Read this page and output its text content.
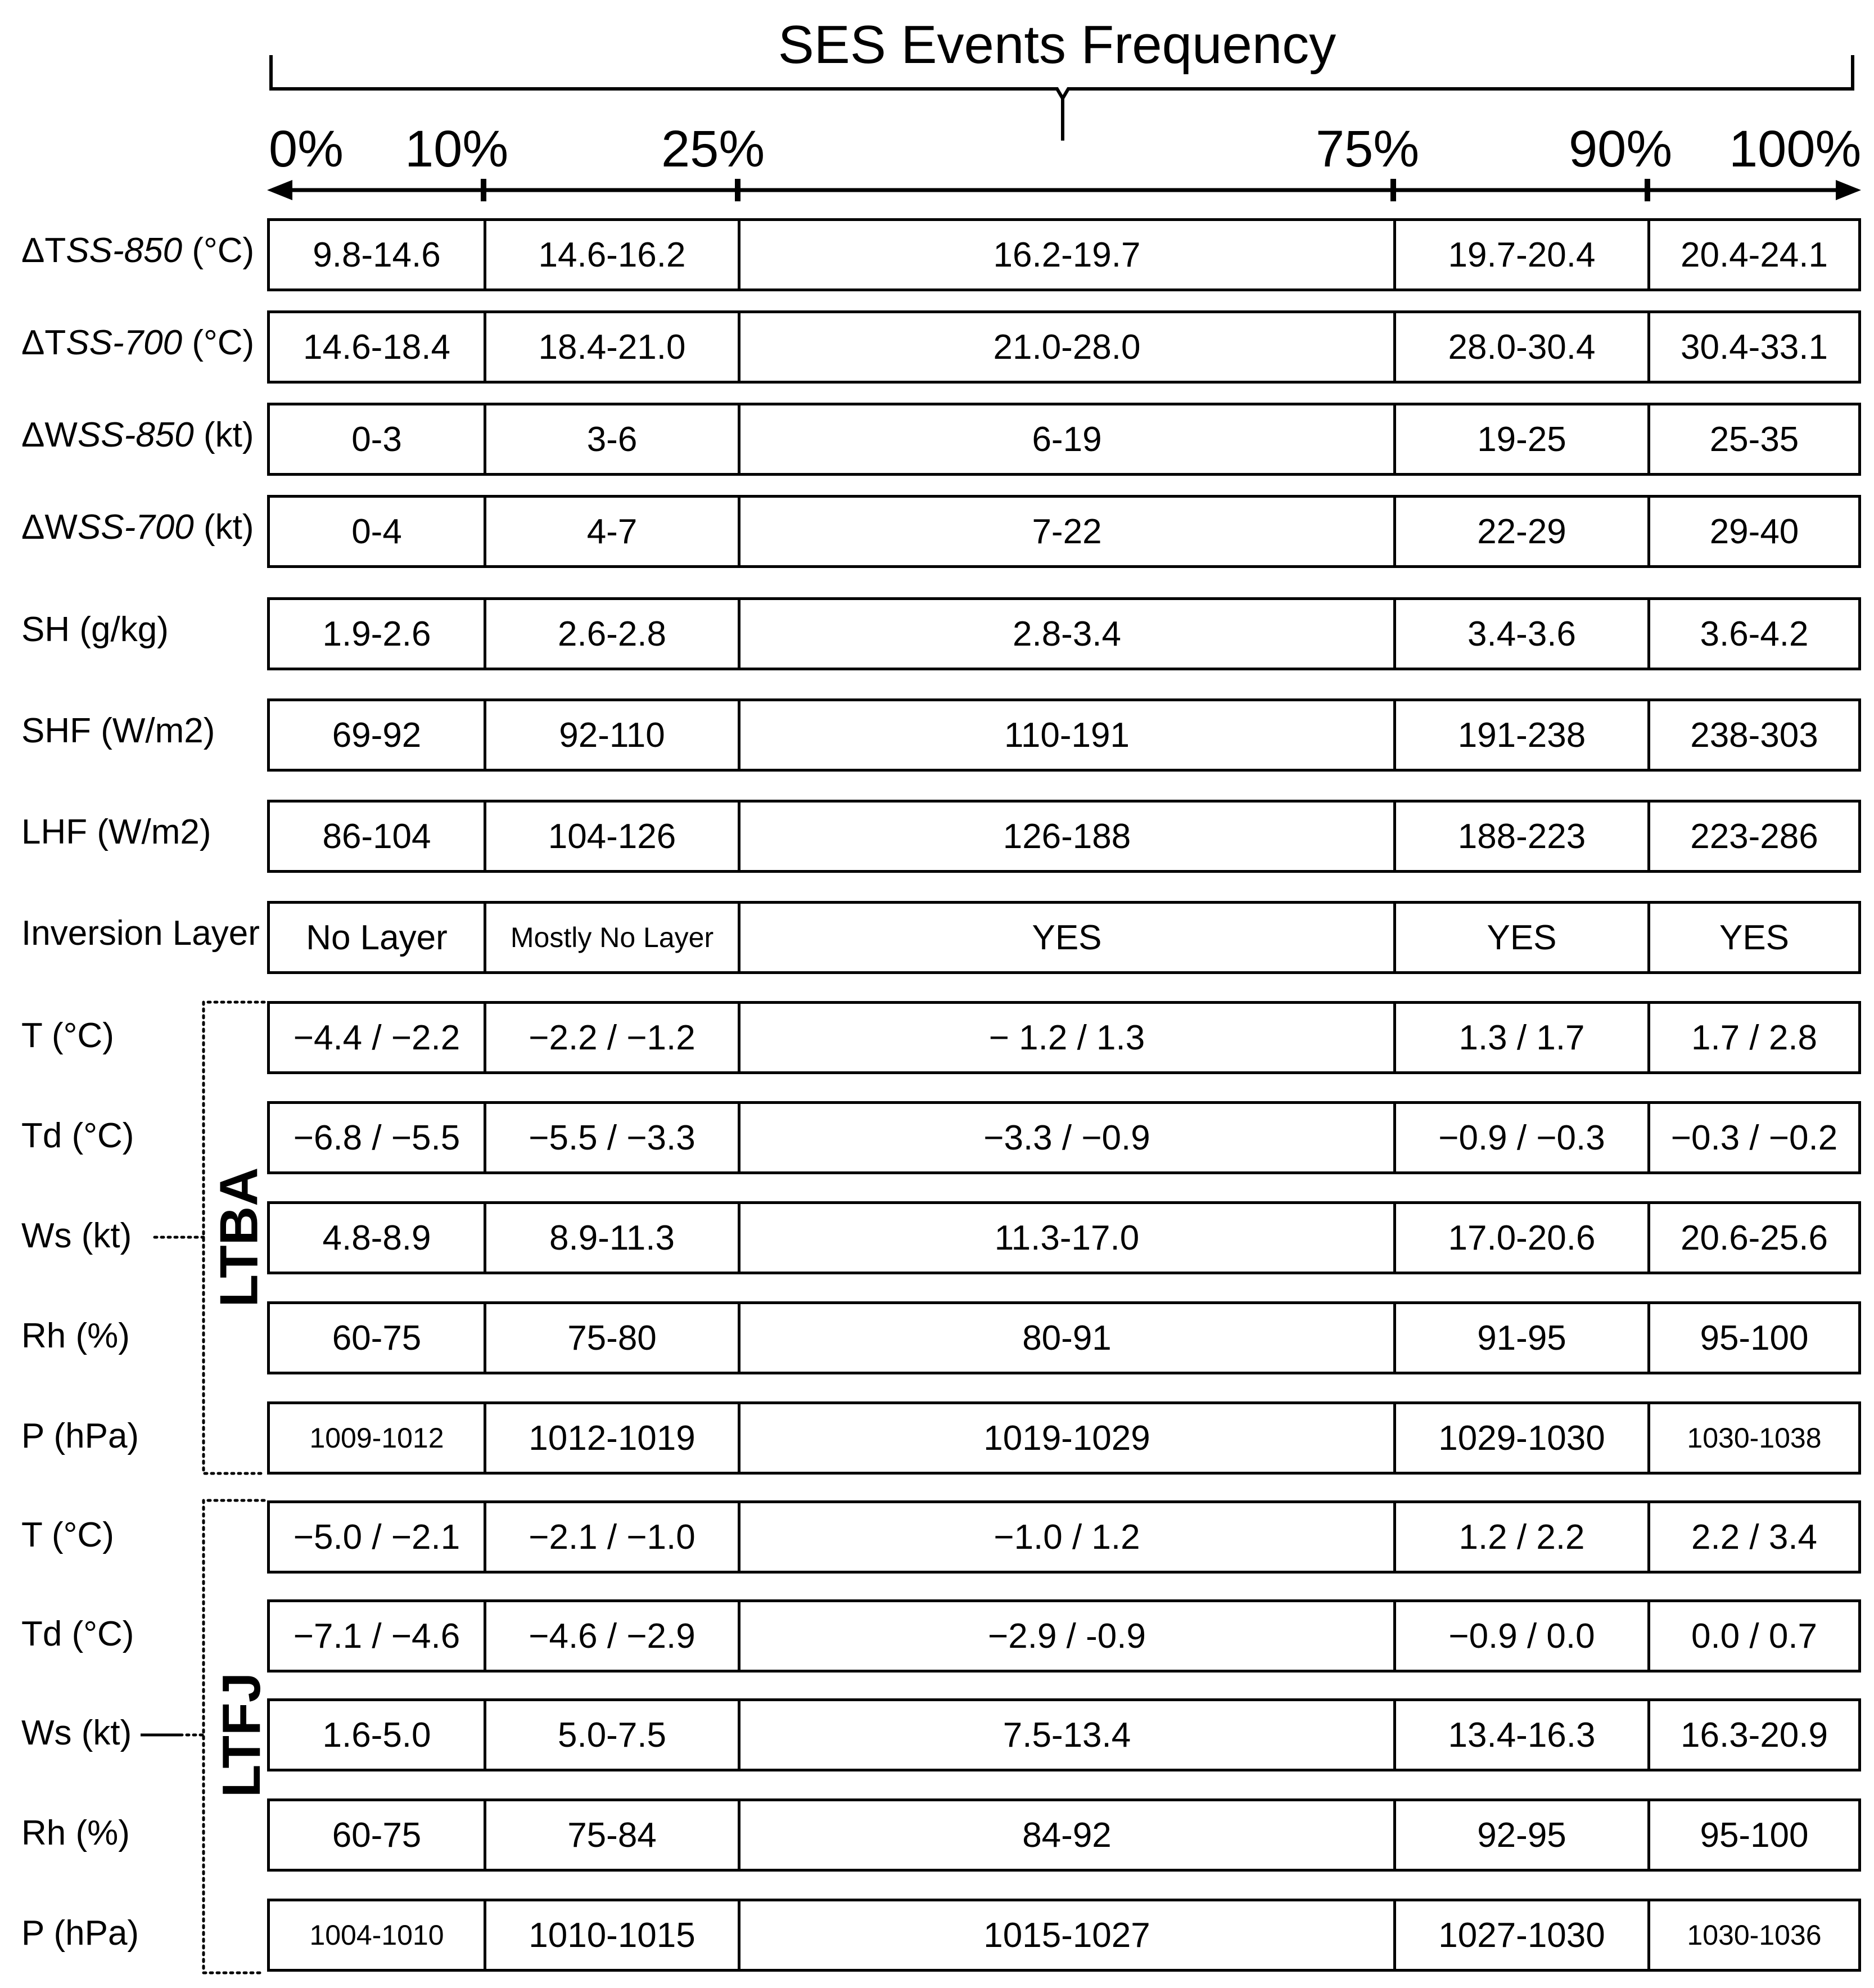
SES Events Frequency
0% 10%	25%	75%	90% 100%
ΔTSS-850 (°C)	9.8-14.6	14.6-16.2	16.2-19.7	19.7-20.4	20.4-24.1
ΔTSS-700 (°C)	14.6-18.4	18.4-21.0	21.0-28.0	28.0-30.4	30.4-33.1
ΔWSS-850 (kt)	0-3	3-6	6-19	19-25	25-35
ΔWSS-700 (kt)	0-4	4-7	7-22	22-29	29-40
SH (g/kg)	1.9-2.6	2.6-2.8	2.8-3.4	3.4-3.6	3.6-4.2
SHF (W/m2)	69-92	92-110	110-191	191-238	238-303
LHF (W/m2)	86-104	104-126	126-188	188-223	223-286
Inversion Layer	No Layer	Mostly No Layer	YES	YES	YES
T (°C)	−4.4 / −2.2	−2.2 / −1.2	− 1.2 / 1.3	1.3 / 1.7	1.7 / 2.8
Td (°C)	−6.8 / −5.5	−5.5 / −3.3	−3.3 / −0.9	−0.9 / −0.3	−0.3 / −0.2
Ws (kt)	4.8-8.9	8.9-11.3	11.3-17.0	17.0-20.6	20.6-25.6
Rh (%)	60-75	75-80	80-91	91-95	95-100
P (hPa)	1009-1012	1012-1019	1019-1029	1029-1030	1030-1038
T (°C)	−5.0 / −2.1	−2.1 / −1.0	−1.0 / 1.2	1.2 / 2.2	2.2 / 3.4
Td (°C)	−7.1 / −4.6	−4.6 / −2.9	−2.9 / -0.9	−0.9 / 0.0	0.0 / 0.7
Ws (kt)	1.6-5.0	5.0-7.5	7.5-13.4	13.4-16.3	16.3-20.9
Rh (%)	60-75	75-84	84-92	92-95	95-100
P (hPa)	1004-1010	1010-1015	1015-1027	1027-1030	1030-1036
LTBA
LTFJ
